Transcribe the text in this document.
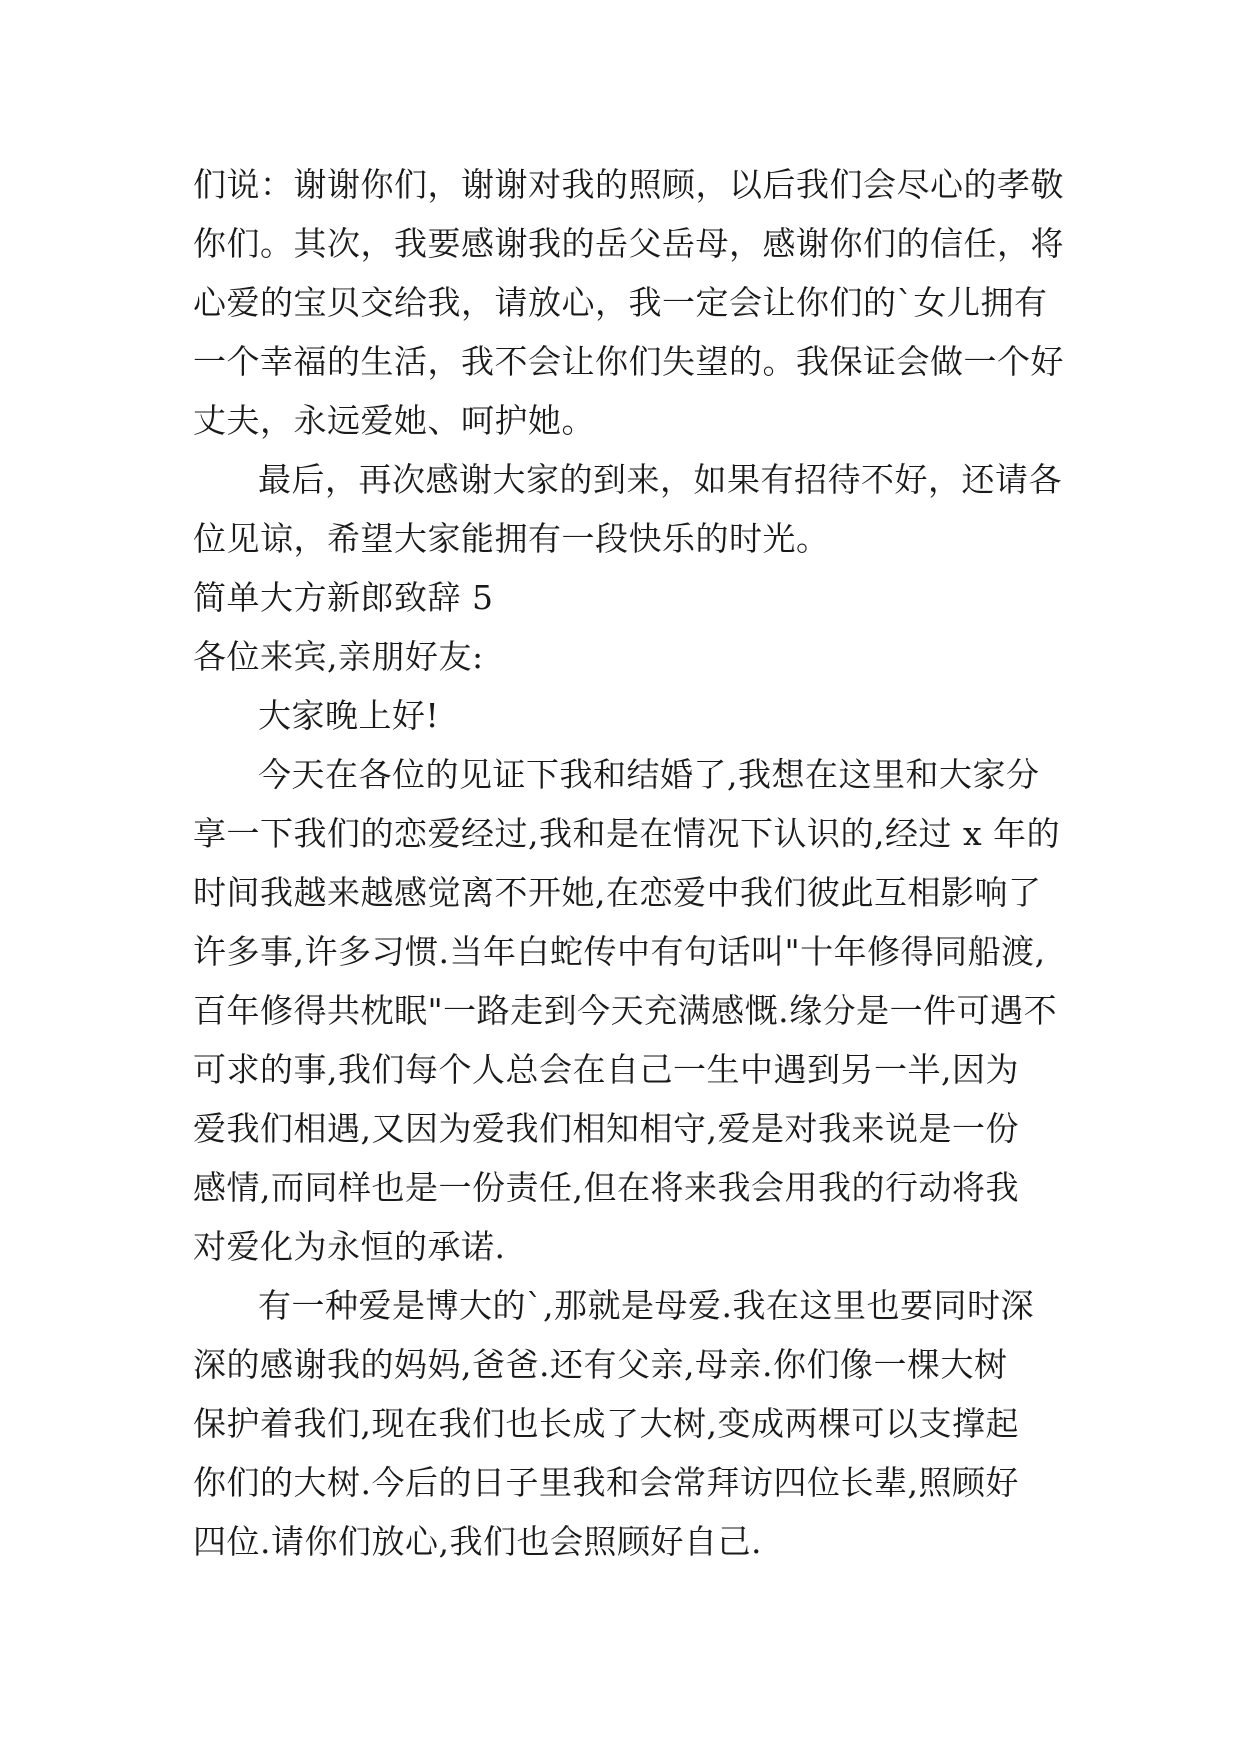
们说：谢谢你们，谢谢对我的照顾，以后我们会尽心的孝敬
你们。其次，我要感谢我的岳父岳母，感谢你们的信任，将
心爱的宝贝交给我，请放心，我一定会让你们的`女儿拥有
一个幸福的生活，我不会让你们失望的。我保证会做一个好
丈夫，永远爱她、呵护她。
最后，再次感谢大家的到来，如果有招待不好，还请各
位见谅，希望大家能拥有一段快乐的时光。
简单大方新郎致辞 5
各位来宾,亲朋好友:
大家晚上好!
今天在各位的见证下我和结婚了,我想在这里和大家分
享一下我们的恋爱经过,我和是在情况下认识的,经过 x 年的
时间我越来越感觉离不开她,在恋爱中我们彼此互相影响了
许多事,许多习惯.当年白蛇传中有句话叫"十年修得同船渡,
百年修得共枕眠"一路走到今天充满感慨.缘分是一件可遇不
可求的事,我们每个人总会在自己一生中遇到另一半,因为
爱我们相遇,又因为爱我们相知相守,爱是对我来说是一份
感情,而同样也是一份责任,但在将来我会用我的行动将我
对爱化为永恒的承诺.
有一种爱是博大的`,那就是母爱.我在这里也要同时深
深的感谢我的妈妈,爸爸.还有父亲,母亲.你们像一棵大树
保护着我们,现在我们也长成了大树,变成两棵可以支撑起
你们的大树.今后的日子里我和会常拜访四位长辈,照顾好
四位.请你们放心,我们也会照顾好自己.
